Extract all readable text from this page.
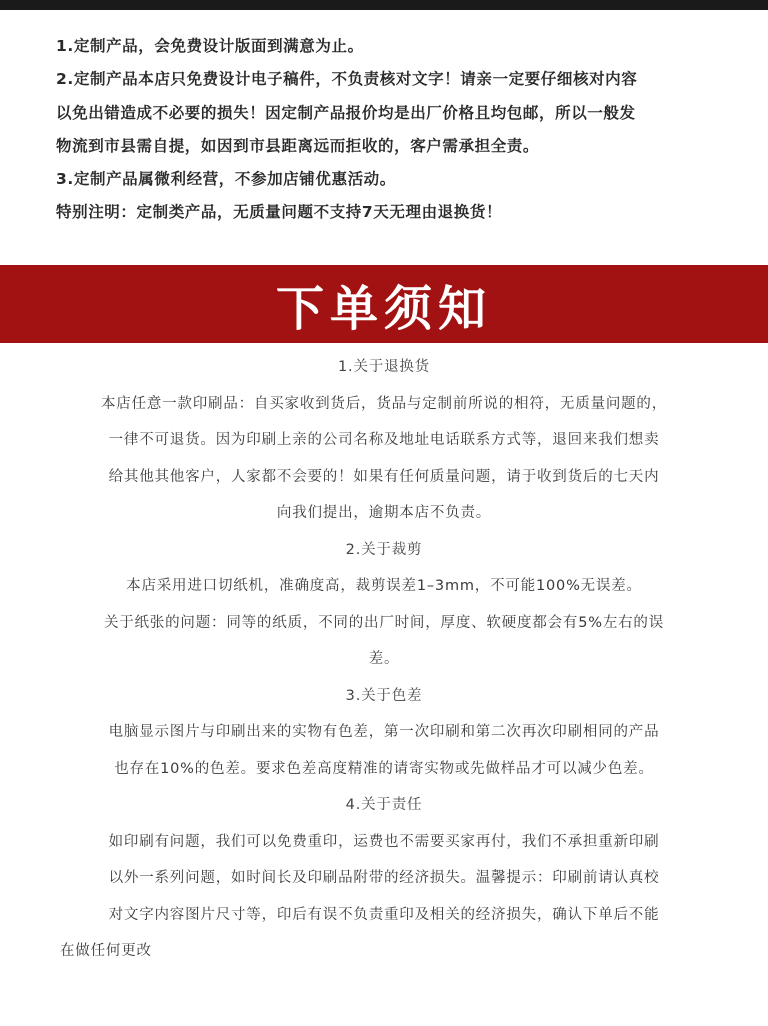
1.定制产品，会免费设计版面到满意为止。

2.定制产品本店只免费设计电子稿件，不负责核对文字！请亲一定要仔细核对内容

以免出错造成不必要的损失！因定制产品报价均是出厂价格且均包邮，所以一般发

物流到市县需自提，如因到市县距离远而拒收的，客户需承担全责。

3.定制产品属微利经营，不参加店铺优惠活动。

特别注明：定制类产品，无质量问题不支持7天无理由退换货！

下单须知

1.关于退换货

本店任意一款印刷品：自买家收到货后，货品与定制前所说的相符，无质量问题的，

一律不可退货。因为印刷上亲的公司名称及地址电话联系方式等，退回来我们想卖

给其他其他客户，人家都不会要的！如果有任何质量问题，请于收到货后的七天内

向我们提出，逾期本店不负责。

2.关于裁剪

本店采用进口切纸机，准确度高，裁剪误差1–3mm，不可能100%无误差。

关于纸张的问题：同等的纸质，不同的出厂时间，厚度、软硬度都会有5%左右的误

差。

3.关于色差

电脑显示图片与印刷出来的实物有色差，第一次印刷和第二次再次印刷相同的产品

也存在10%的色差。要求色差高度精准的请寄实物或先做样品才可以减少色差。

4.关于责任

如印刷有问题，我们可以免费重印，运费也不需要买家再付，我们不承担重新印刷

以外一系列问题，如时间长及印刷品附带的经济损失。温馨提示：印刷前请认真校

对文字内容图片尺寸等，印后有误不负责重印及相关的经济损失，确认下单后不能

在做任何更改
